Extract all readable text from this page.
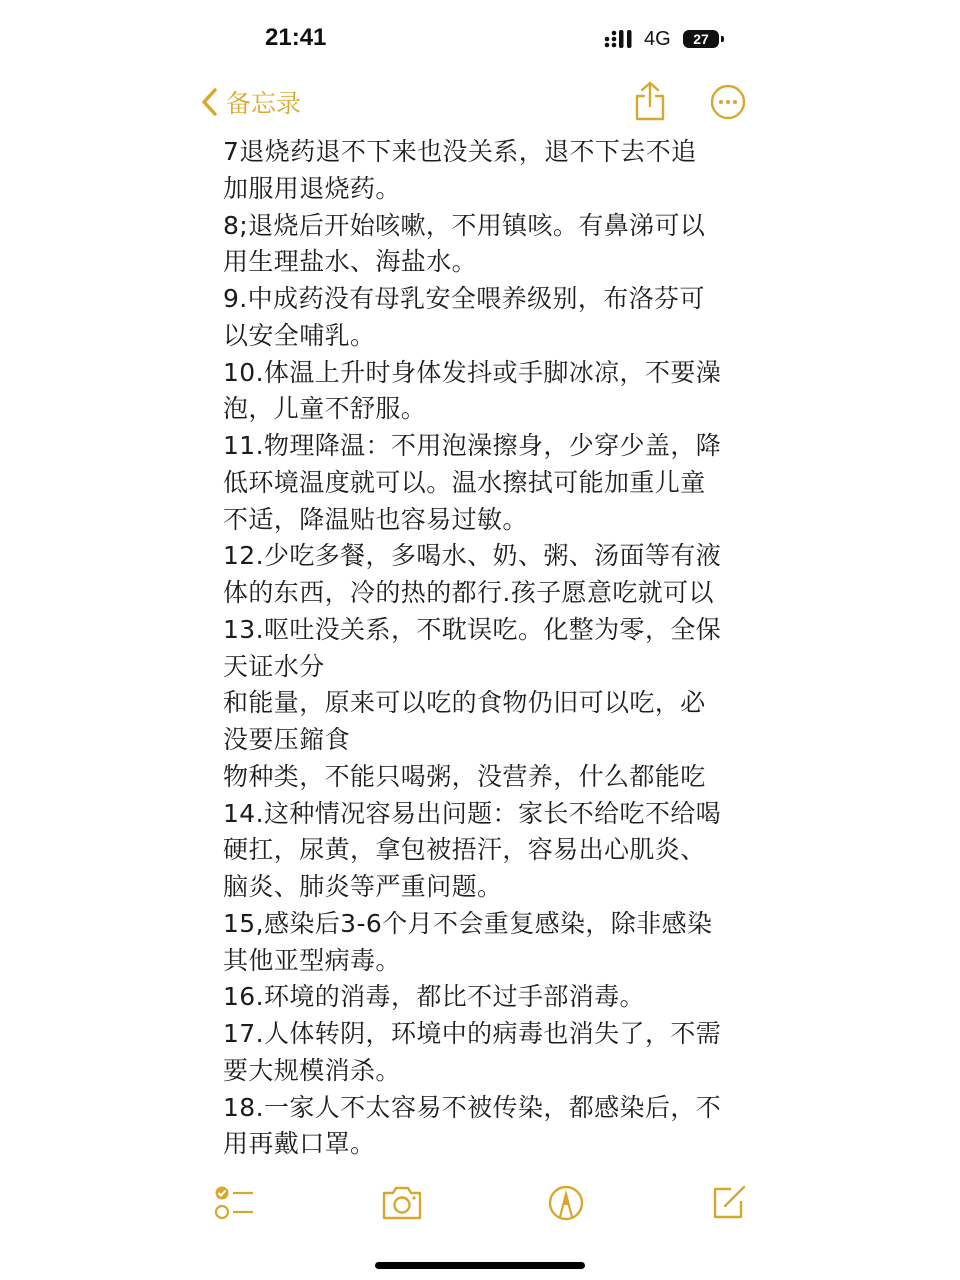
21:41	4G	27
备忘录
7退烧药退不下来也没关系，退不下去不追
加服用退烧药。
8;退烧后开始咳嗽，不用镇咳。有鼻涕可以
用生理盐水、海盐水。
9.中成药没有母乳安全喂养级别，布洛芬可
以安全哺乳。
10.体温上升时身体发抖或手脚冰凉，不要澡
泡，儿童不舒服。
11.物理降温：不用泡澡擦身，少穿少盖，降
低环境温度就可以。温水擦拭可能加重儿童
不适，降温贴也容易过敏。
12.少吃多餐，多喝水、奶、粥、汤面等有液
体的东西，冷的热的都行.孩子愿意吃就可以
13.呕吐没关系，不耽误吃。化整为零，全保
天证水分
和能量，原来可以吃的食物仍旧可以吃，必
没要压鏥食
物种类，不能只喝粥，没营养，什么都能吃
14.这种情况容易出问题：家长不给吃不给喝
硬扛，尿黄，拿包被捂汗，容易出心肌炎、
脑炎、肺炎等严重问题。
15,感染后3-6个月不会重复感染，除非感染
其他亚型病毒。
16.环境的消毒，都比不过手部消毒。
17.人体转阴，环境中的病毒也消失了，不需
要大规模消杀。
18.一家人不太容易不被传染，都感染后，不
用再戴口罩。
